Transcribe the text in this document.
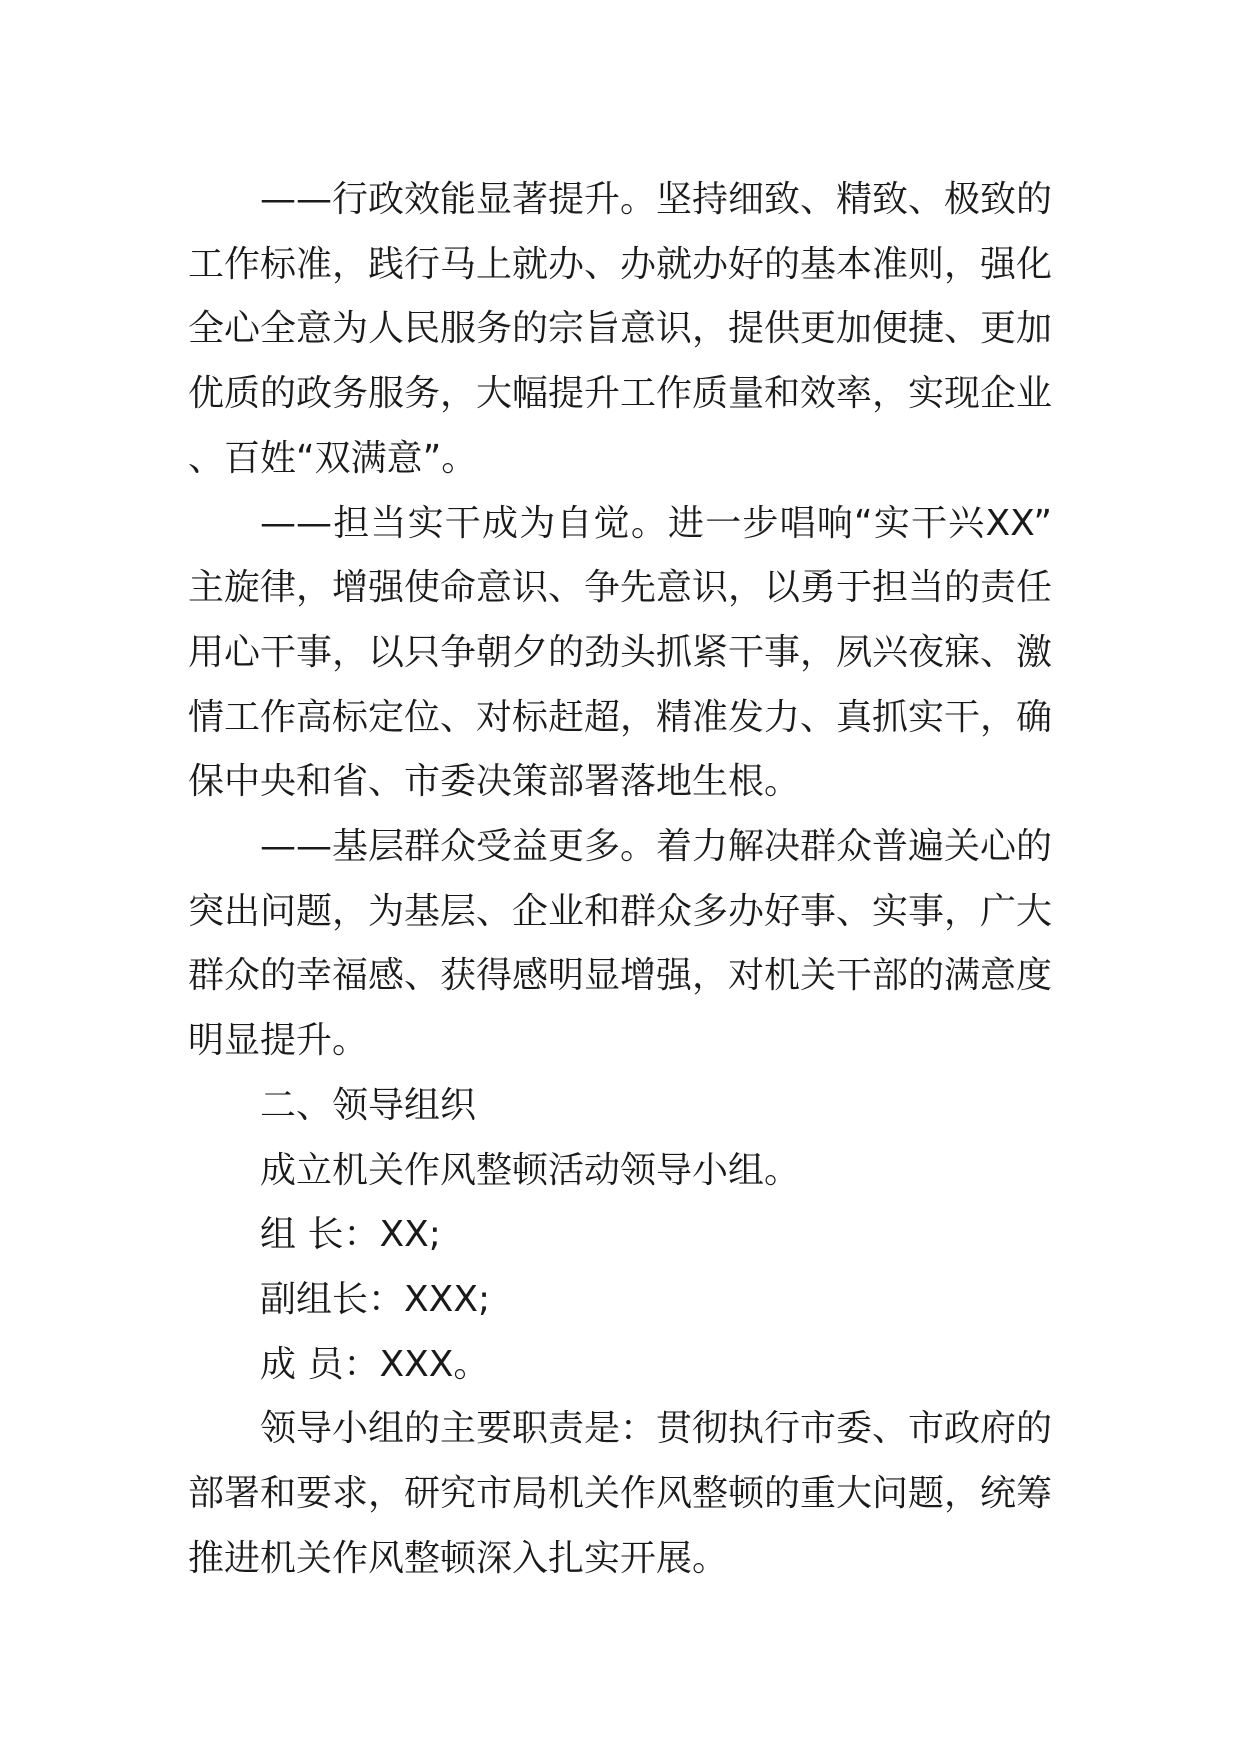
——行政效能显著提升。坚持细致、精致、极致的工作标准，践行马上就办、办就办好的基本准则，强化全心全意为人民服务的宗旨意识，提供更加便捷、更加优质的政务服务，大幅提升工作质量和效率，实现企业、百姓“双满意”。

——担当实干成为自觉。进一步唱响“实干兴XX”主旋律，增强使命意识、争先意识，以勇于担当的责任用心干事，以只争朝夕的劲头抓紧干事，夙兴夜寐、激情工作高标定位、对标赶超，精准发力、真抓实干，确保中央和省、市委决策部署落地生根。

——基层群众受益更多。着力解决群众普遍关心的突出问题，为基层、企业和群众多办好事、实事，广大群众的幸福感、获得感明显增强，对机关干部的满意度明显提升。

二、领导组织

成立机关作风整顿活动领导小组。

组 长：XX;

副组长：XXX;

成 员：XXX。

领导小组的主要职责是：贯彻执行市委、市政府的部署和要求，研究市局机关作风整顿的重大问题，统筹推进机关作风整顿深入扎实开展。
